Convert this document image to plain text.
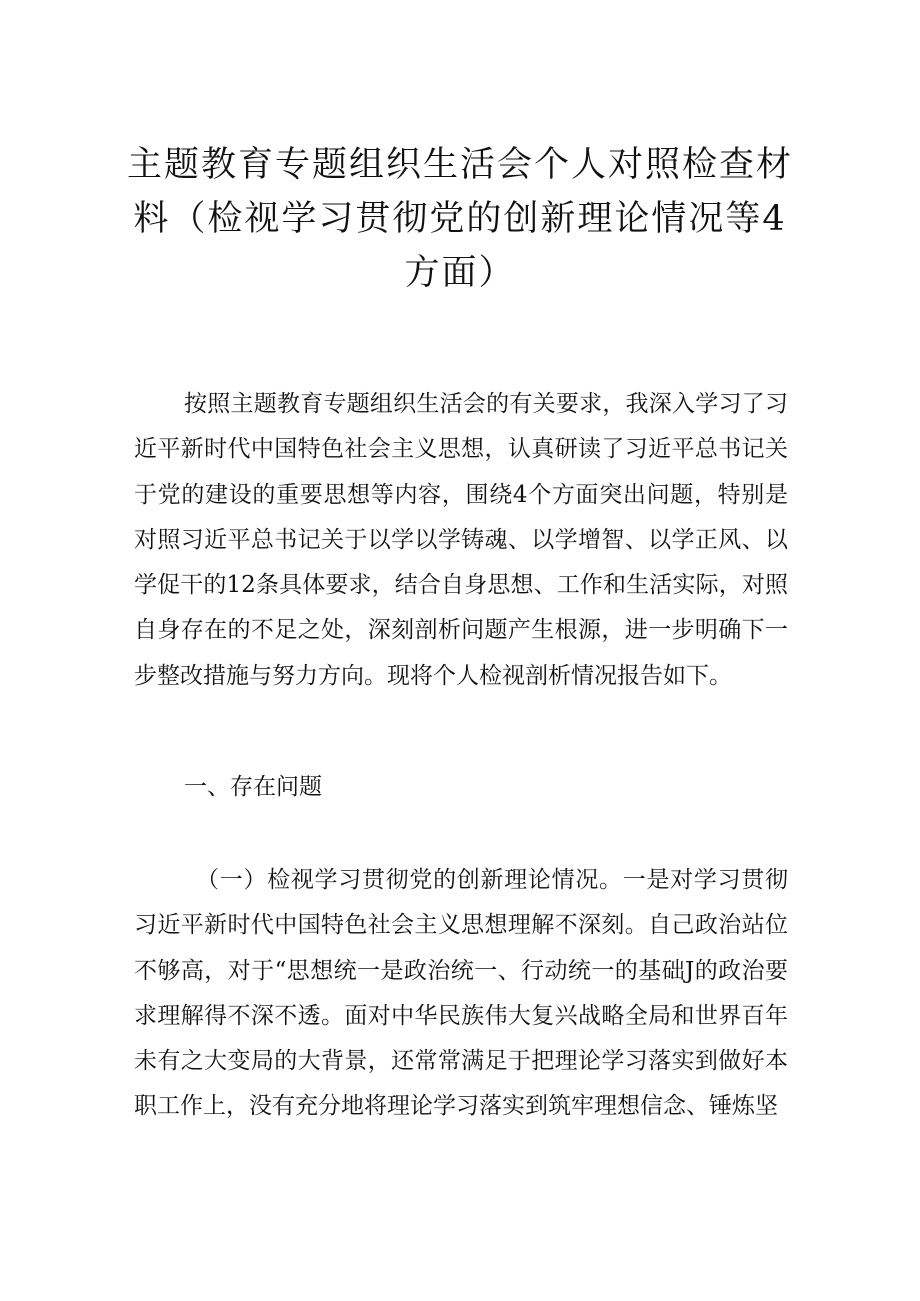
主题教育专题组织生活会个人对照检查材料（检视学习贯彻党的创新理论情况等4方面）

按照主题教育专题组织生活会的有关要求，我深入学习了习近平新时代中国特色社会主义思想，认真研读了习近平总书记关于党的建设的重要思想等内容，围绕4个方面突出问题，特别是对照习近平总书记关于以学以学铸魂、以学增智、以学正风、以学促干的12条具体要求，结合自身思想、工作和生活实际，对照自身存在的不足之处，深刻剖析问题产生根源，进一步明确下一步整改措施与努力方向。现将个人检视剖析情况报告如下。

一、存在问题

（一）检视学习贯彻党的创新理论情况。一是对学习贯彻习近平新时代中国特色社会主义思想理解不深刻。自己政治站位不够高，对于“思想统一是政治统一、行动统一的基础J的政治要求理解得不深不透。面对中华民族伟大复兴战略全局和世界百年未有之大变局的大背景，还常常满足于把理论学习落实到做好本职工作上，没有充分地将理论学习落实到筑牢理想信念、锤炼坚
